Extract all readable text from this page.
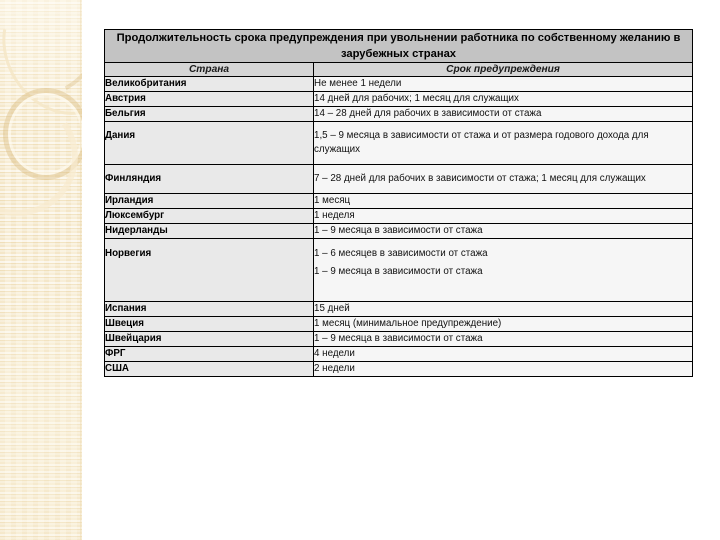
Продолжительность срока предупреждения при увольнении работника по собственному желанию в зарубежных странах	
Страна	Срок предупреждения
Великобритания	Не менее 1 недели

Австрия	14 дней для рабочих; 1 месяц для служащих

Бельгия	14 – 28 дней для рабочих в зависимости от стажа

Дания	1,5 – 9 месяца в зависимости от стажа и от размера годового дохода для служащих

Финляндия	7 – 28 дней для рабочих в зависимости от стажа; 1 месяц для служащих

Ирландия	1 месяц

Люксембург	1 неделя

Нидерланды	1 – 9 месяца в зависимости от стажа

Норвегия	1 – 6 месяцев в зависимости от стажа
1 – 9 месяца в зависимости от стажа

Испания	15 дней

Швеция	1 месяц (минимальное предупреждение)

Швейцария	1 – 9 месяца в зависимости от стажа

ФРГ	4 недели

США	2 недели
